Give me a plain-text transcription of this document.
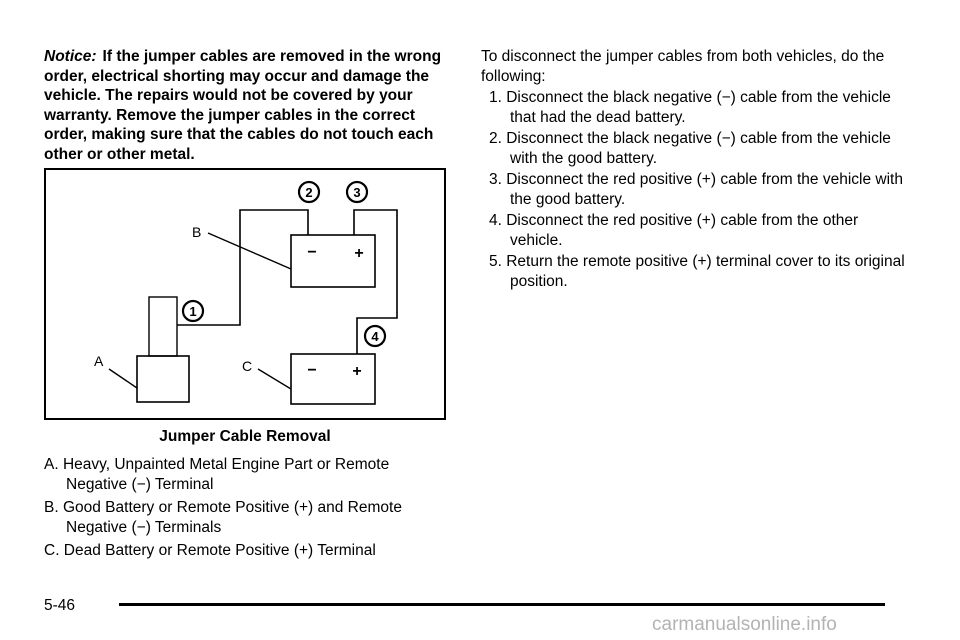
Notice: If the jumper cables are removed in the wrong order, electrical shorting may occur and damage the vehicle. The repairs would not be covered by your warranty. Remove the jumper cables in the correct order, making sure that the cables do not touch each other or other metal.

− +
− +
A
B
C
1
2	3
4
Jumper Cable Removal
A. Heavy, Unpainted Metal Engine Part or Remote Negative (−) Terminal
B. Good Battery or Remote Positive (+) and Remote Negative (−) Terminals
C. Dead Battery or Remote Positive (+) Terminal

To disconnect the jumper cables from both vehicles, do the following:

1. Disconnect the black negative (−) cable from the vehicle that had the dead battery.
2. Disconnect the black negative (−) cable from the vehicle with the good battery.
3. Disconnect the red positive (+) cable from the vehicle with the good battery.
4. Disconnect the red positive (+) cable from the other vehicle.
5. Return the remote positive (+) terminal cover to its original position.
5-46
carmanualsonline.info
